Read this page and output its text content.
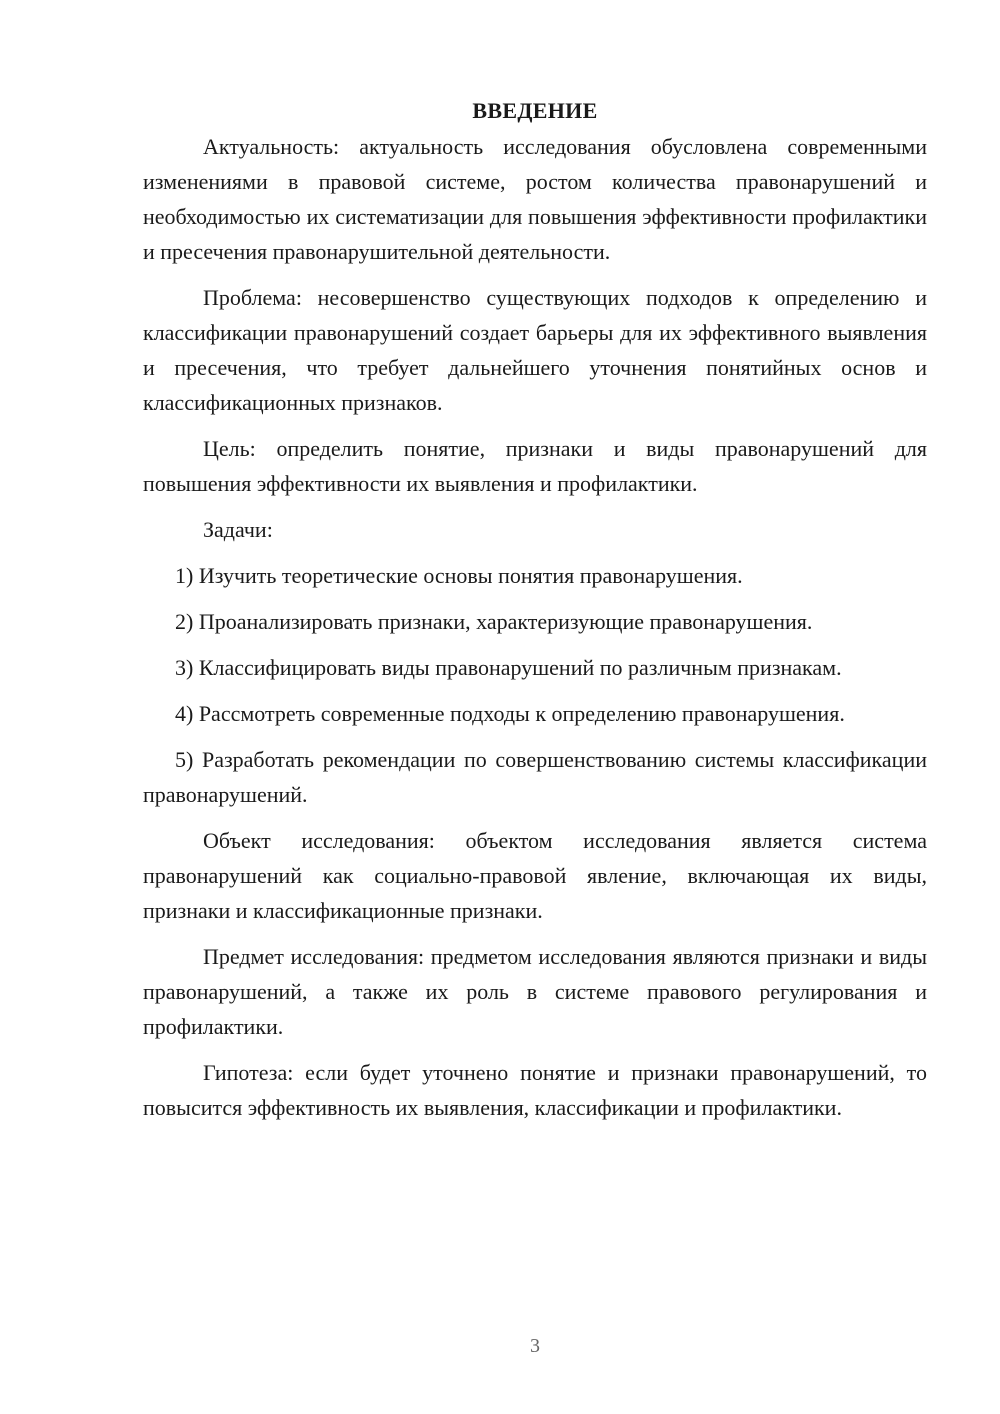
ВВЕДЕНИЕ

Актуальность: актуальность исследования обусловлена современными изменениями в правовой системе, ростом количества правонарушений и необходимостью их систематизации для повышения эффективности профилактики и пресечения правонарушительной деятельности.

Проблема: несовершенство существующих подходов к определению и классификации правонарушений создает барьеры для их эффективного выявления и пресечения, что требует дальнейшего уточнения понятийных основ и классификационных признаков.

Цель: определить понятие, признаки и виды правонарушений для повышения эффективности их выявления и профилактики.

Задачи:

1) Изучить теоретические основы понятия правонарушения.

2) Проанализировать признаки, характеризующие правонарушения.

3) Классифицировать виды правонарушений по различным признакам.

4) Рассмотреть современные подходы к определению правонарушения.

5) Разработать рекомендации по совершенствованию системы классификации правонарушений.

Объект исследования: объектом исследования является система правонарушений как социально-правовой явление, включающая их виды, признаки и классификационные признаки.

Предмет исследования: предметом исследования являются признаки и виды правонарушений, а также их роль в системе правового регулирования и профилактики.

Гипотеза: если будет уточнено понятие и признаки правонарушений, то повысится эффективность их выявления, классификации и профилактики.

3
